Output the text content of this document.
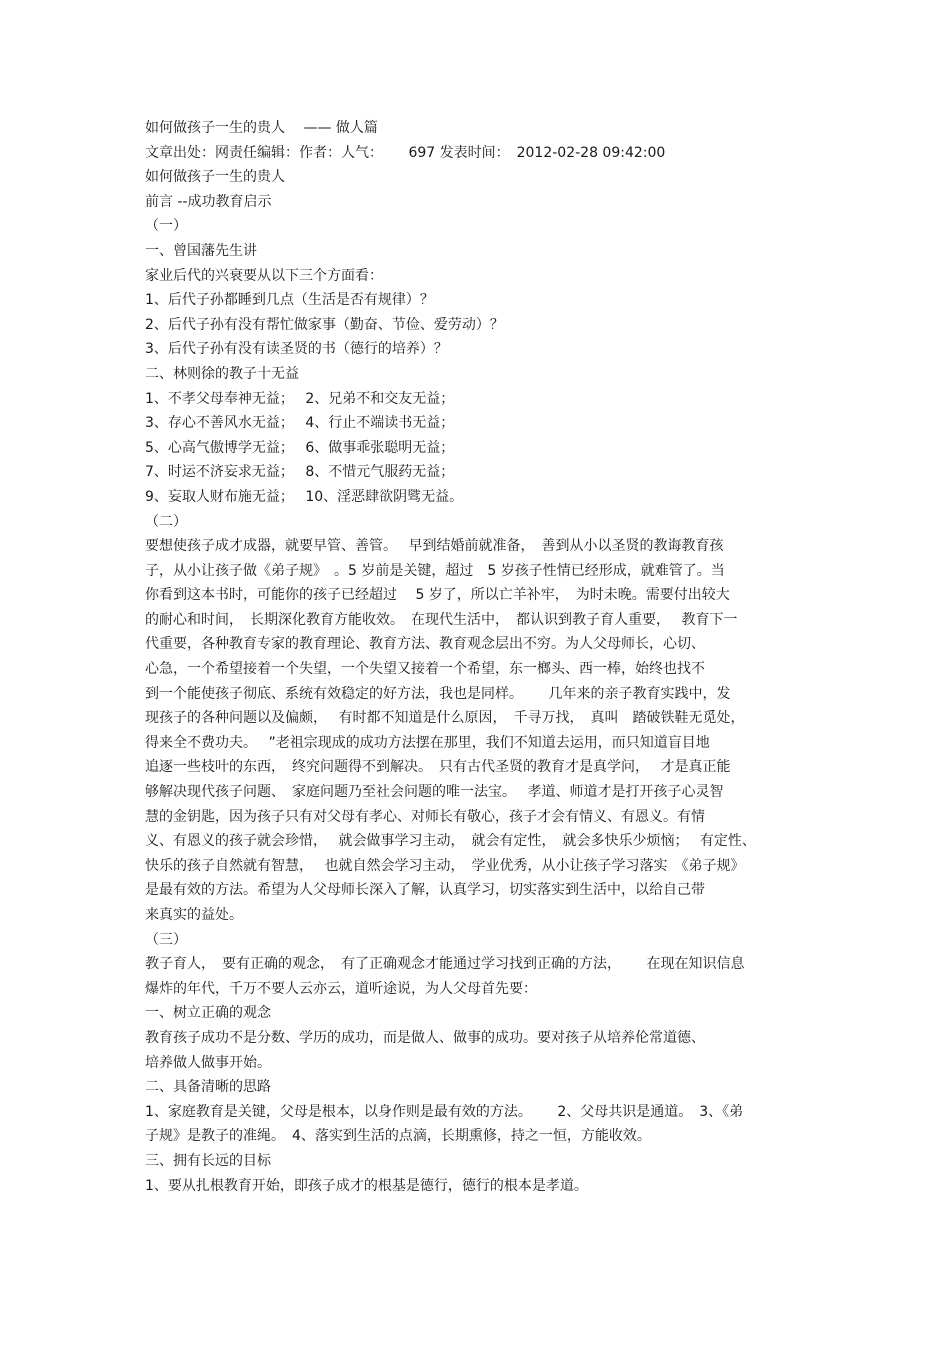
如何做孩子一生的贵人　 —— 做人篇
文章出处：网责任编辑：作者：人气：　　 697 发表时间：　2012-02-28 09:42:00
如何做孩子一生的贵人
前言 --成功教育启示
（一）
一、曾国藩先生讲
家业后代的兴衰要从以下三个方面看：
1、后代子孙都睡到几点（生活是否有规律）？
2、后代子孙有没有帮忙做家事（勤奋、节俭、爱劳动）？
3、后代子孙有没有读圣贤的书（德行的培养）？
二、林则徐的教子十无益
1、不孝父母奉神无益；　 2、兄弟不和交友无益；
3、存心不善风水无益；　 4、行止不端读书无益；
5、心高气傲博学无益；　 6、做事乖张聪明无益；
7、时运不济妄求无益；　 8、不惜元气服药无益；
9、妄取人财布施无益；　 10、淫恶肆欲阴骘无益。
（二）
要想使孩子成才成器，就要早管、善管。　 早到结婚前就准备，　善到从小以圣贤的教诲教育孩
子，从小让孩子做《弟子规》　。5 岁前是关键，超过　5 岁孩子性情已经形成，就难管了。当
你看到这本书时，可能你的孩子已经超过　 5 岁了，所以亡羊补牢，　为时未晚。需要付出较大
的耐心和时间，　长期深化教育方能收效。　在现代生活中，　都认识到教子育人重要，　 教育下一
代重要，各种教育专家的教育理论、教育方法、教育观念层出不穷。为人父母师长，心切、
心急，一个希望接着一个失望，一个失望又接着一个希望，东一榔头、西一棒，始终也找不
到一个能使孩子彻底、系统有效稳定的好方法，我也是同样。　　 几年来的亲子教育实践中，发
现孩子的各种问题以及偏颇，　 有时都不知道是什么原因，　千寻万找，　真叫　踏破铁鞋无觅处，
得来全不费功夫。　 ”老祖宗现成的成功方法摆在那里，我们不知道去运用，而只知道盲目地
追逐一些枝叶的东西，　终究问题得不到解决。　只有古代圣贤的教育才是真学问，　 才是真正能
够解决现代孩子问题、　家庭问题乃至社会问题的唯一法宝。　 孝道、师道才是打开孩子心灵智
慧的金钥匙，因为孩子只有对父母有孝心、对师长有敬心，孩子才会有情义、有恩义。有情
义、有恩义的孩子就会珍惜，　 就会做事学习主动，　就会有定性，　就会多快乐少烦恼；　 有定性、
快乐的孩子自然就有智慧，　 也就自然会学习主动，　学业优秀，从小让孩子学习落实　《弟子规》
是最有效的方法。希望为人父母师长深入了解，认真学习，切实落实到生活中，以给自己带
来真实的益处。
（三）
教子育人，　要有正确的观念，　有了正确观念才能通过学习找到正确的方法，　　 在现在知识信息
爆炸的年代，千万不要人云亦云，道听途说，为人父母首先要：
一、树立正确的观念
教育孩子成功不是分数、学历的成功，而是做人、做事的成功。要对孩子从培养伦常道德、
培养做人做事开始。
二、具备清晰的思路
1、家庭教育是关键，父母是根本，以身作则是最有效的方法。　　 2、父母共识是通道。　3、《弟
子规》是教子的准绳。　4、落实到生活的点滴，长期熏修，持之一恒，方能收效。
三、拥有长远的目标
1、要从扎根教育开始，即孩子成才的根基是德行，德行的根本是孝道。
